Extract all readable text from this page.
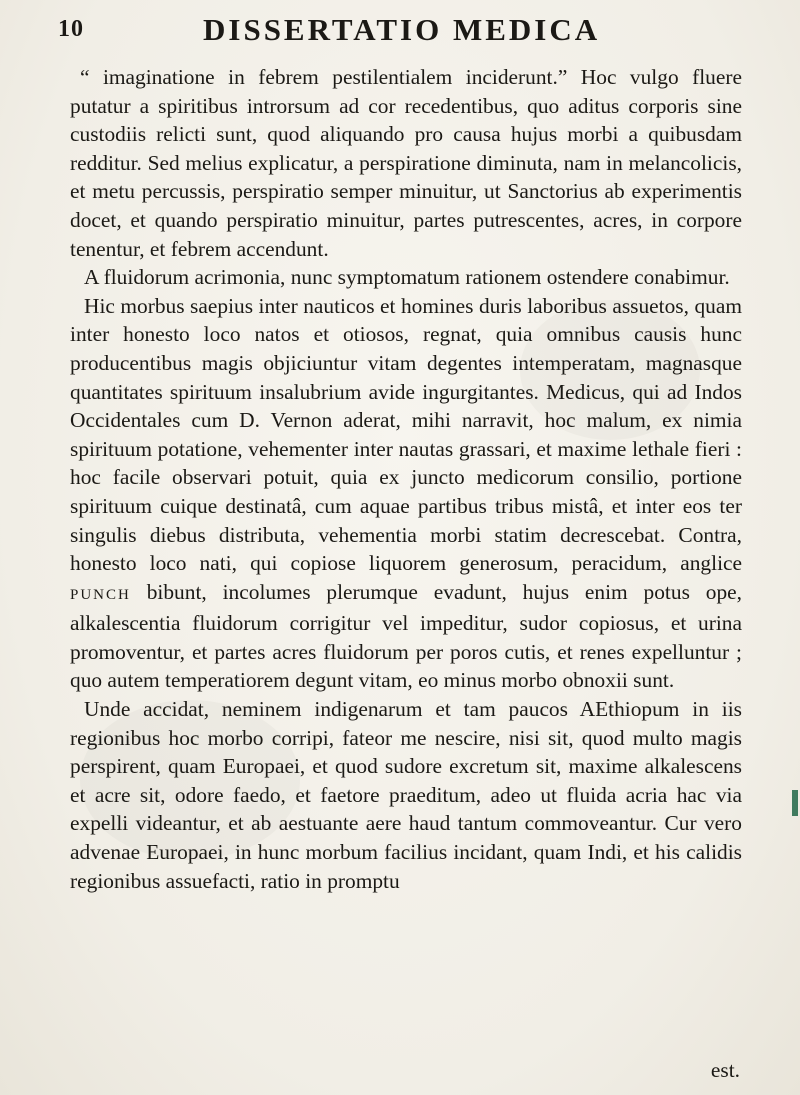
10	DISSERTATIO MEDICA

“ imaginatione in febrem pestilentialem inciderunt.” Hoc vulgo fluere putatur a spiritibus introrsum ad cor recedentibus, quo aditus corporis sine custodiis relicti sunt, quod aliquando pro causa hujus morbi a quibusdam redditur. Sed melius explicatur, a perspiratione diminuta, nam in melancolicis, et metu percussis, perspiratio semper minuitur, ut Sanctorius ab experimentis docet, et quando perspiratio minuitur, partes putrescentes, acres, in corpore tenentur, et febrem accendunt.

A fluidorum acrimonia, nunc symptomatum rationem ostendere conabimur.

Hic morbus saepius inter nauticos et homines duris laboribus assuetos, quam inter honesto loco natos et otiosos, regnat, quia omnibus causis hunc producentibus magis objiciuntur vitam degentes intemperatam, magnasque quantitates spirituum insalubrium avide ingurgitantes. Medicus, qui ad Indos Occidentales cum D. Vernon aderat, mihi narravit, hoc malum, ex nimia spirituum potatione, vehementer inter nautas grassari, et maxime lethale fieri : hoc facile observari potuit, quia ex juncto medicorum consilio, portione spirituum cuique destinatâ, cum aquae partibus tribus mistâ, et inter eos ter singulis diebus distributa, vehementia morbi statim decrescebat. Contra, honesto loco nati, qui copiose liquorem generosum, peracidum, anglice PUNCH bibunt, incolumes plerumque evadunt, hujus enim potus ope, alkalescentia fluidorum corrigitur vel impeditur, sudor copiosus, et urina promoventur, et partes acres fluidorum per poros cutis, et renes expelluntur ; quo autem temperatiorem degunt vitam, eo minus morbo obnoxii sunt.

Unde accidat, neminem indigenarum et tam paucos AEthiopum in iis regionibus hoc morbo corripi, fateor me nescire, nisi sit, quod multo magis perspirent, quam Europaei, et quod sudore excretum sit, maxime alkalescens et acre sit, odore faedo, et faetore praeditum, adeo ut fluida acria hac via expelli videantur, et ab aestuante aere haud tantum commoveantur. Cur vero advenae Europaei, in hunc morbum facilius incidant, quam Indi, et his calidis regionibus assuefacti, ratio in promptu

est.
